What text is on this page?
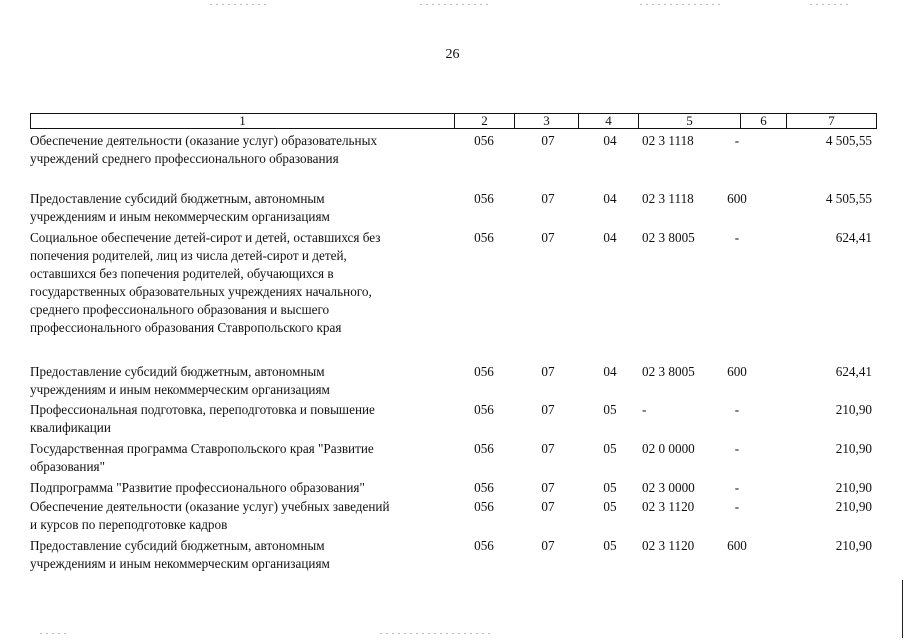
26
1	2	3	4	5	6	7
Обеспечение деятельности (оказание услуг) образовательных
учреждений среднего профессионального образования
056	07	04	02 3 1118	-	4 505,55
Предоставление субсидий бюджетным, автономным
учреждениям и иным некоммерческим организациям
056	07	04	02 3 1118	600	4 505,55
Социальное обеспечение детей-сирот и детей, оставшихся без
попечения родителей, лиц из числа детей-сирот и детей,
оставшихся без попечения родителей, обучающихся в
государственных образовательных учреждениях начального,
среднего профессионального образования и высшего
профессионального образования Ставропольского края
056	07	04	02 3 8005	-	624,41
Предоставление субсидий бюджетным, автономным
учреждениям и иным некоммерческим организациям
056	07	04	02 3 8005	600	624,41
Профессиональная подготовка, переподготовка и повышение
квалификации
056	07	05	-	-	210,90
Государственная программа Ставропольского края "Развитие
образования"
056	07	05	02 0 0000	-	210,90
Подпрограмма "Развитие профессионального образования"	056	07	05	02 3 0000	-	210,90
Обеспечение деятельности (оказание услуг) учебных заведений
и курсов по переподготовке кадров
056	07	05	02 3 1120	-	210,90
Предоставление субсидий бюджетным, автономным
учреждениям и иным некоммерческим организациям
056	07	05	02 3 1120	600	210,90
